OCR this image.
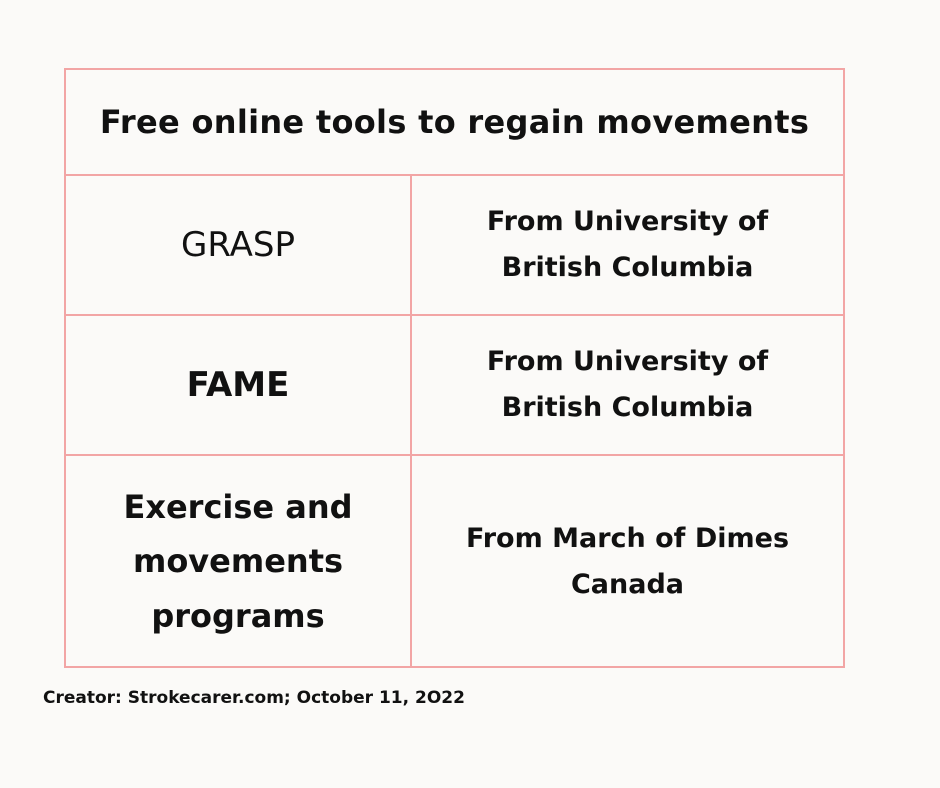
Free online tools to regain movements	

GRASP	From University of
British Columbia

FAME	From University of
British Columbia

Exercise and
movements
programs	From March of Dimes
Canada
Creator: Strokecarer.com; October 11, 2O22
